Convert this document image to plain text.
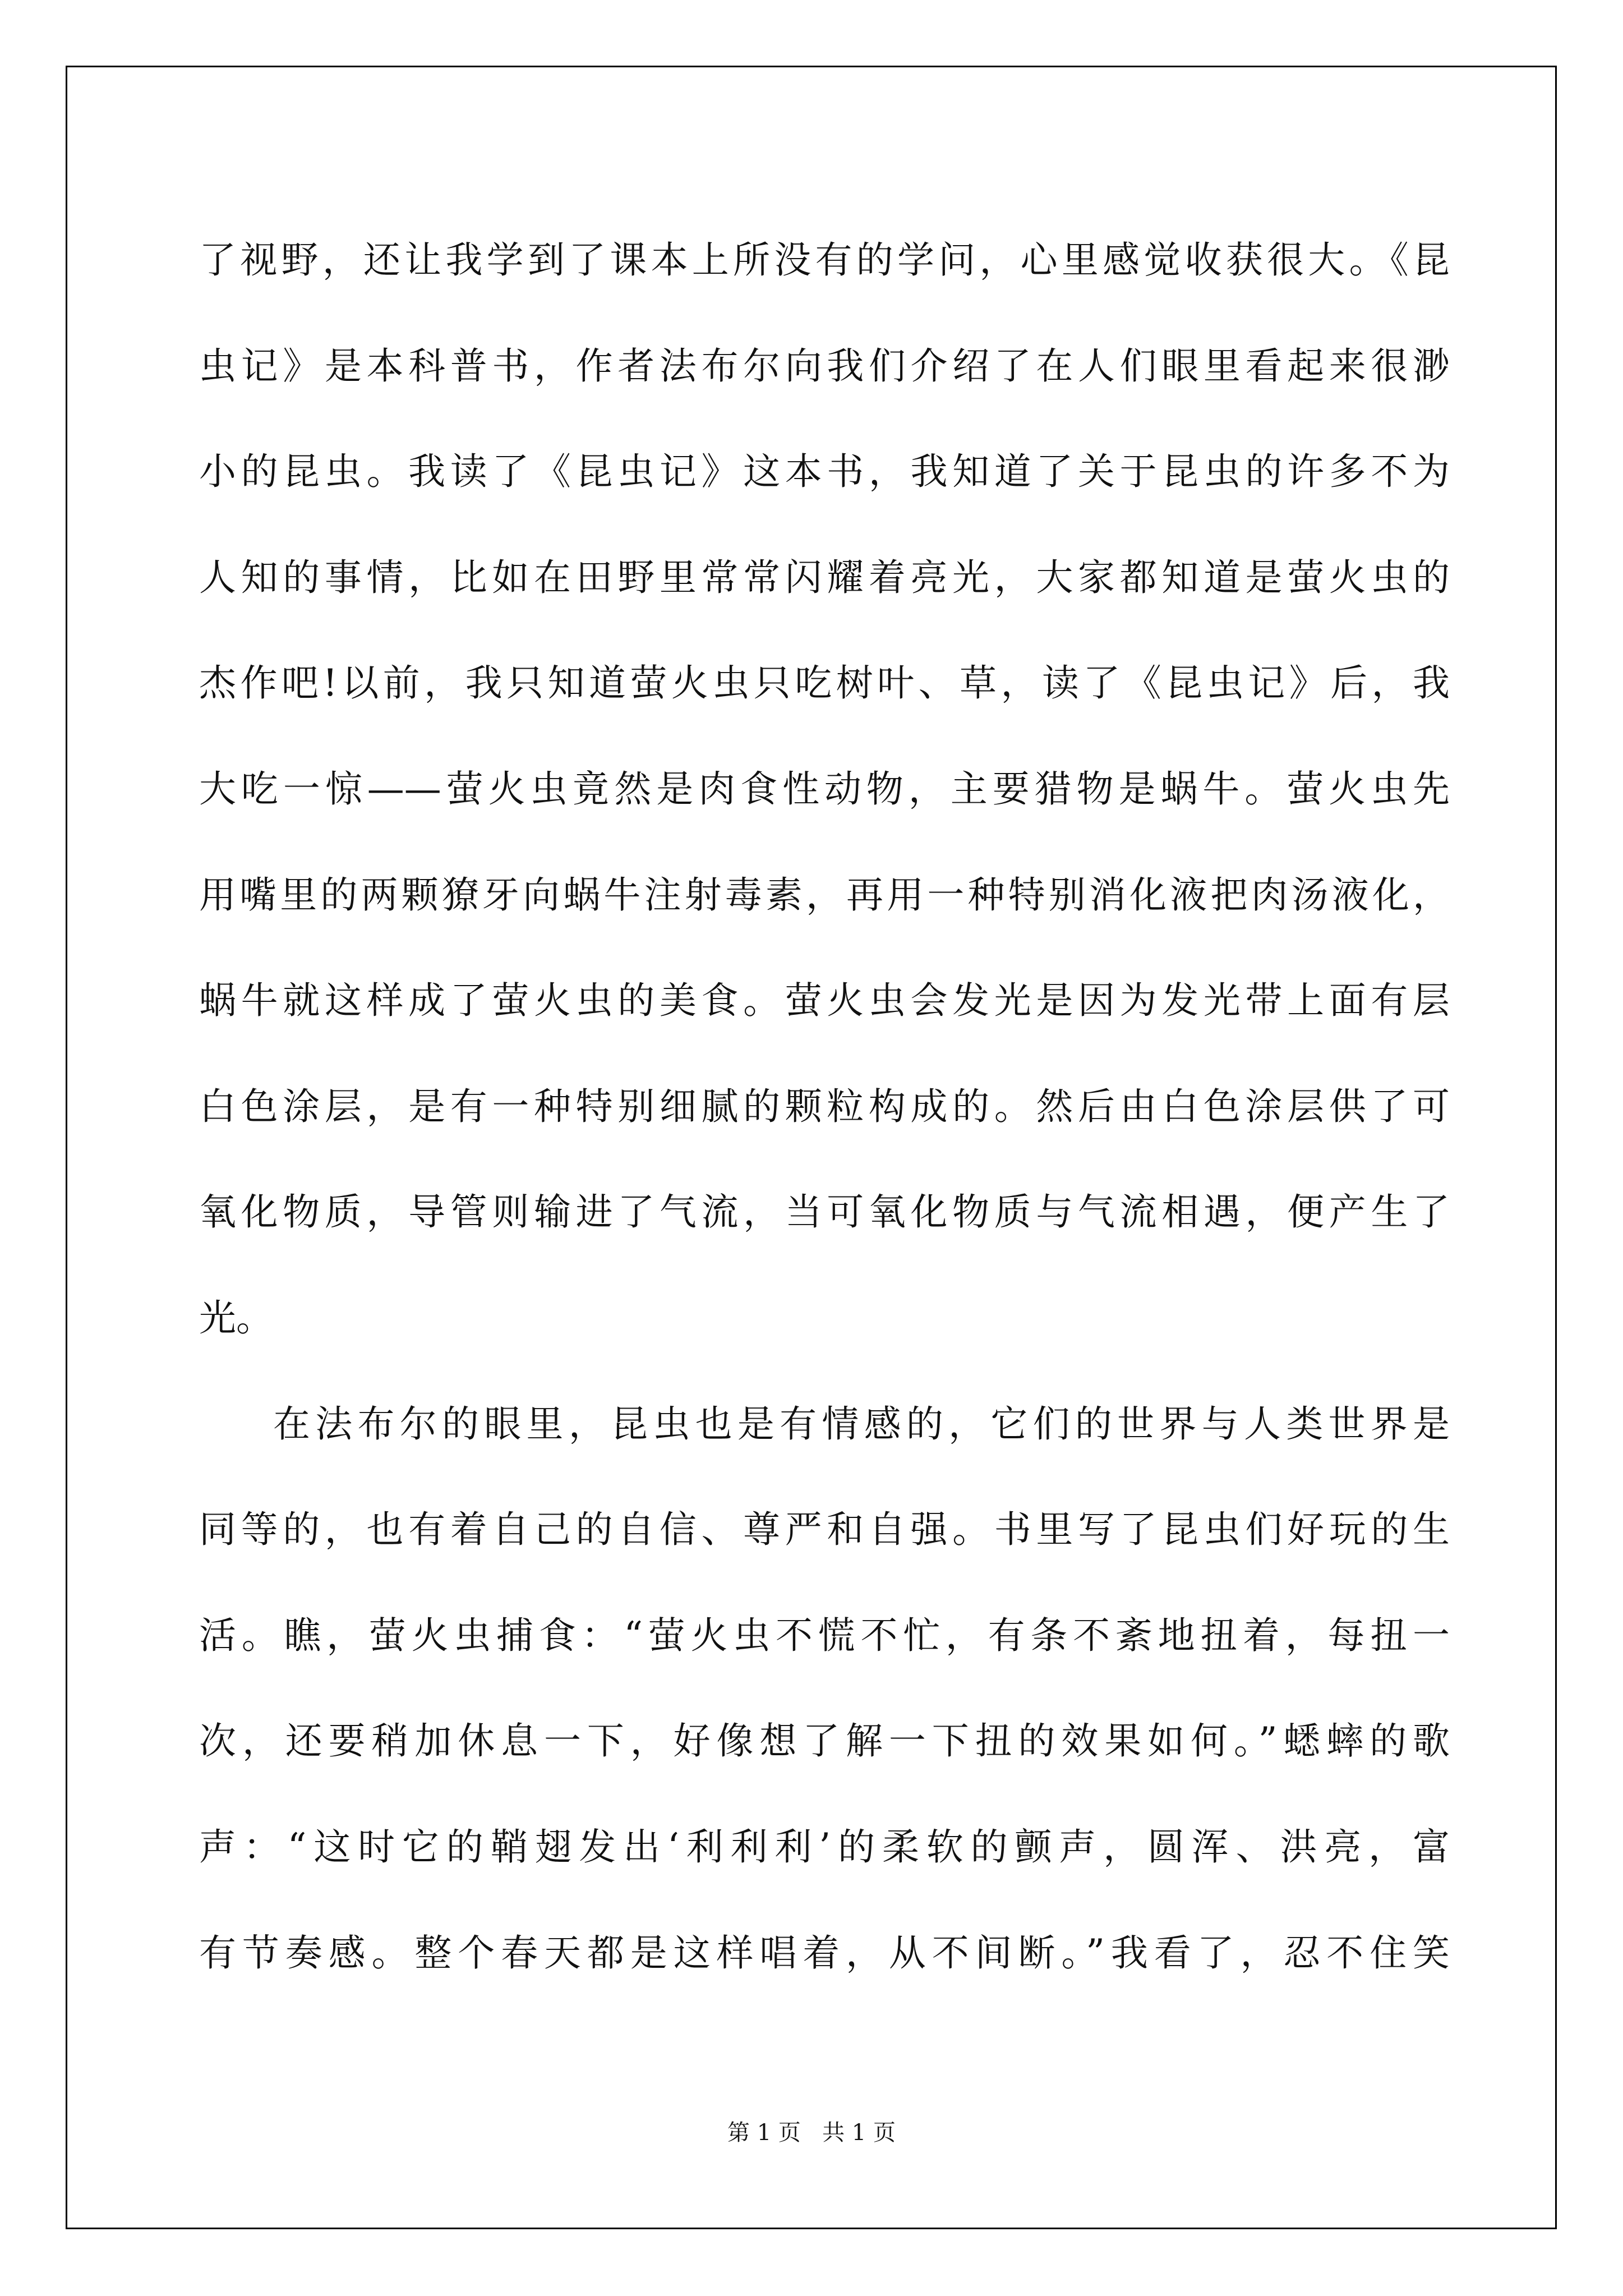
了视野，还让我学到了课本上所没有的学问，心里感觉收获很大。《昆
虫记》是本科普书，作者法布尔向我们介绍了在人们眼里看起来很渺
小的昆虫。我读了《昆虫记》这本书，我知道了关于昆虫的许多不为
人知的事情，比如在田野里常常闪耀着亮光，大家都知道是萤火虫的
杰作吧!以前，我只知道萤火虫只吃树叶、草，读了《昆虫记》后，我
大吃一惊——萤火虫竟然是肉食性动物，主要猎物是蜗牛。萤火虫先
用嘴里的两颗獠牙向蜗牛注射毒素，再用一种特别消化液把肉汤液化，
蜗牛就这样成了萤火虫的美食。萤火虫会发光是因为发光带上面有层
白色涂层，是有一种特别细腻的颗粒构成的。然后由白色涂层供了可
氧化物质，导管则输进了气流，当可氧化物质与气流相遇，便产生了
光。
在法布尔的眼里，昆虫也是有情感的，它们的世界与人类世界是
同等的，也有着自己的自信、尊严和自强。书里写了昆虫们好玩的生
活。瞧，萤火虫捕食：“萤火虫不慌不忙，有条不紊地扭着，每扭一
次，还要稍加休息一下，好像想了解一下扭的效果如何。”蟋蟀的歌
声：“这时它的鞘翅发出‘利利利’的柔软的颤声，圆浑、洪亮，富
有节奏感。整个春天都是这样唱着，从不间断。”我看了，忍不住笑
第 1 页   共 1 页
